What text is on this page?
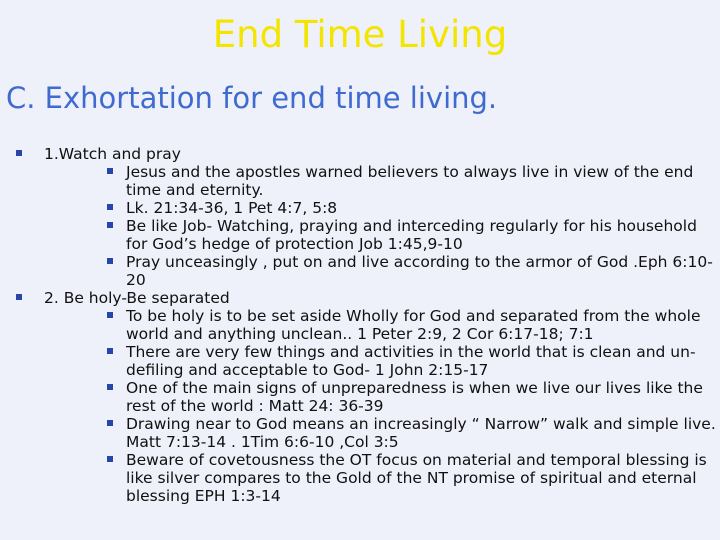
End Time Living
C. Exhortation for end time living.
1.Watch and pray
Jesus and the apostles warned believers to always live in view of the end time and eternity.
Lk. 21:34-36, 1 Pet 4:7, 5:8
Be like Job- Watching, praying and interceding regularly for his household for God’s hedge of protection Job 1:45,9-10
Pray unceasingly , put on and live according to the armor of God .Eph 6:10-20
2. Be holy-Be separated
To be holy is to be set aside Wholly for God and separated from the whole world and anything unclean.. 1 Peter 2:9, 2 Cor 6:17-18; 7:1
There are very few things and activities in the world that is clean and un-defiling and acceptable to God- 1 John 2:15-17
One of the main signs of unpreparedness is when we live our lives like the rest of the world : Matt 24: 36-39
Drawing near to God means an increasingly “ Narrow” walk and simple live. Matt 7:13-14 . 1Tim 6:6-10 ,Col 3:5
Beware of covetousness the OT focus on material and temporal blessing is like silver compares to the Gold of the NT promise of spiritual and eternal blessing EPH 1:3-14
